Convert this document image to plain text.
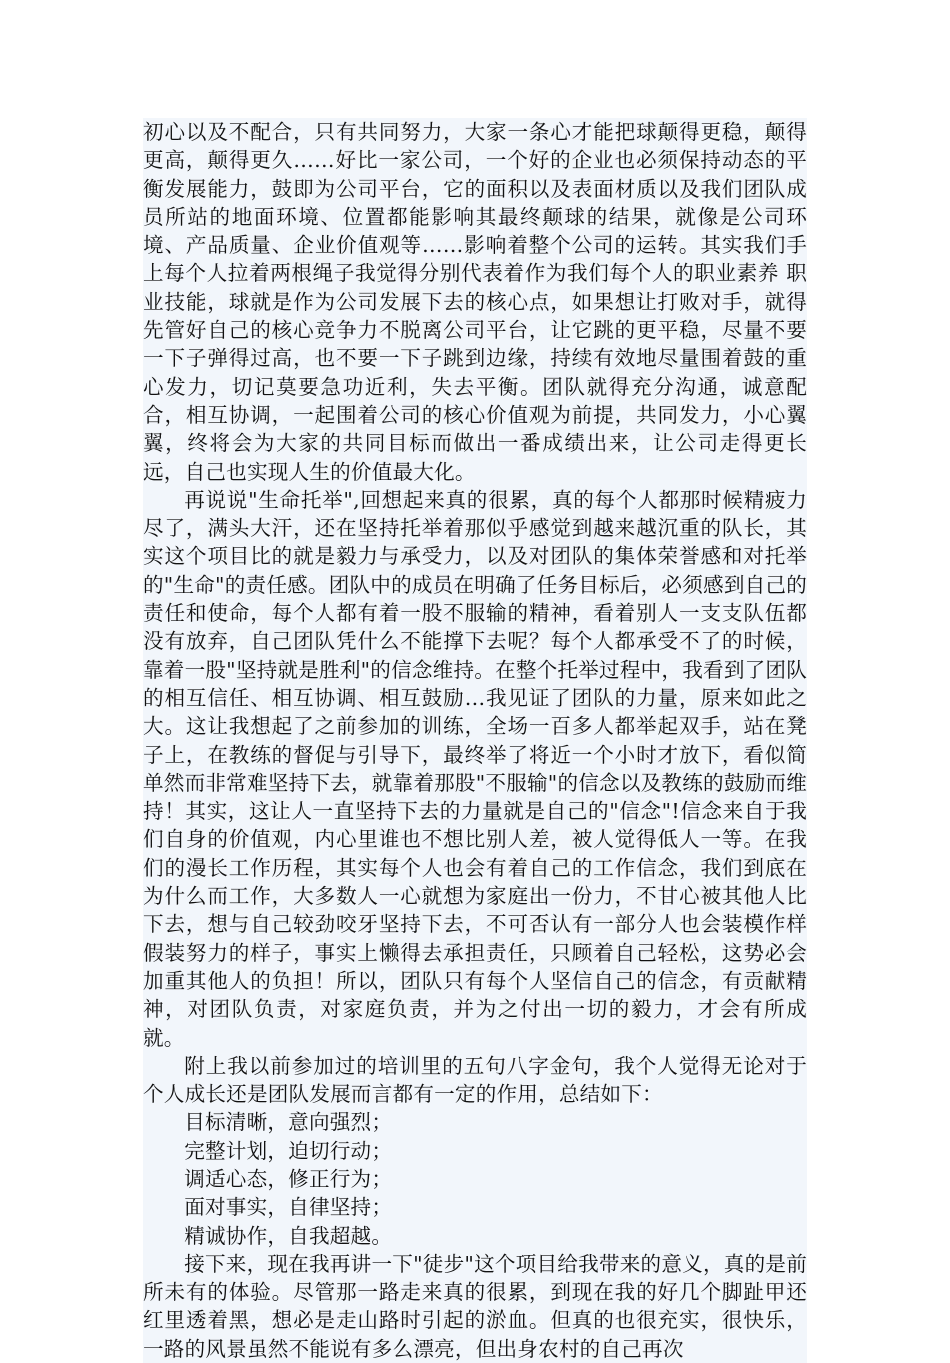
初心以及不配合，只有共同努力，大家一条心才能把球颠得更稳，颠得更高，颠得更久……好比一家公司，一个好的企业也必须保持动态的平衡发展能力，鼓即为公司平台，它的面积以及表面材质以及我们团队成员所站的地面环境、位置都能影响其最终颠球的结果，就像是公司环境、产品质量、企业价值观等……影响着整个公司的运转。其实我们手上每个人拉着两根绳子我觉得分别代表着作为我们每个人的职业素养 职业技能，球就是作为公司发展下去的核心点，如果想让打败对手，就得先管好自己的核心竞争力不脱离公司平台，让它跳的更平稳，尽量不要一下子弹得过高，也不要一下子跳到边缘，持续有效地尽量围着鼓的重心发力，切记莫要急功近利，失去平衡。团队就得充分沟通，诚意配合，相互协调，一起围着公司的核心价值观为前提，共同发力，小心翼翼，终将会为大家的共同目标而做出一番成绩出来，让公司走得更长远，自己也实现人生的价值最大化。

再说说"生命托举",回想起来真的很累，真的每个人都那时候精疲力尽了，满头大汗，还在坚持托举着那似乎感觉到越来越沉重的队长，其实这个项目比的就是毅力与承受力，以及对团队的集体荣誉感和对托举的"生命"的责任感。团队中的成员在明确了任务目标后，必须感到自己的责任和使命，每个人都有着一股不服输的精神，看着别人一支支队伍都没有放弃，自己团队凭什么不能撑下去呢？每个人都承受不了的时候，靠着一股"坚持就是胜利"的信念维持。在整个托举过程中，我看到了团队的相互信任、相互协调、相互鼓励…我见证了团队的力量，原来如此之大。这让我想起了之前参加的训练，全场一百多人都举起双手，站在凳子上，在教练的督促与引导下，最终举了将近一个小时才放下，看似简单然而非常难坚持下去，就靠着那股"不服输"的信念以及教练的鼓励而维持！其实，这让人一直坚持下去的力量就是自己的"信念"!信念来自于我们自身的价值观，内心里谁也不想比别人差，被人觉得低人一等。在我们的漫长工作历程，其实每个人也会有着自己的工作信念，我们到底在为什么而工作，大多数人一心就想为家庭出一份力，不甘心被其他人比下去，想与自己较劲咬牙坚持下去，不可否认有一部分人也会装模作样假装努力的样子，事实上懒得去承担责任，只顾着自己轻松，这势必会加重其他人的负担！所以，团队只有每个人坚信自己的信念，有贡献精神，对团队负责，对家庭负责，并为之付出一切的毅力，才会有所成就。

附上我以前参加过的培训里的五句八字金句，我个人觉得无论对于个人成长还是团队发展而言都有一定的作用，总结如下：

目标清晰，意向强烈；

完整计划，迫切行动；

调适心态，修正行为；

面对事实，自律坚持；

精诚协作，自我超越。

接下来，现在我再讲一下"徒步"这个项目给我带来的意义，真的是前所未有的体验。尽管那一路走来真的很累，到现在我的好几个脚趾甲还红里透着黑，想必是走山路时引起的淤血。但真的也很充实，很快乐，一路的风景虽然不能说有多么漂亮，但出身农村的自己再次
